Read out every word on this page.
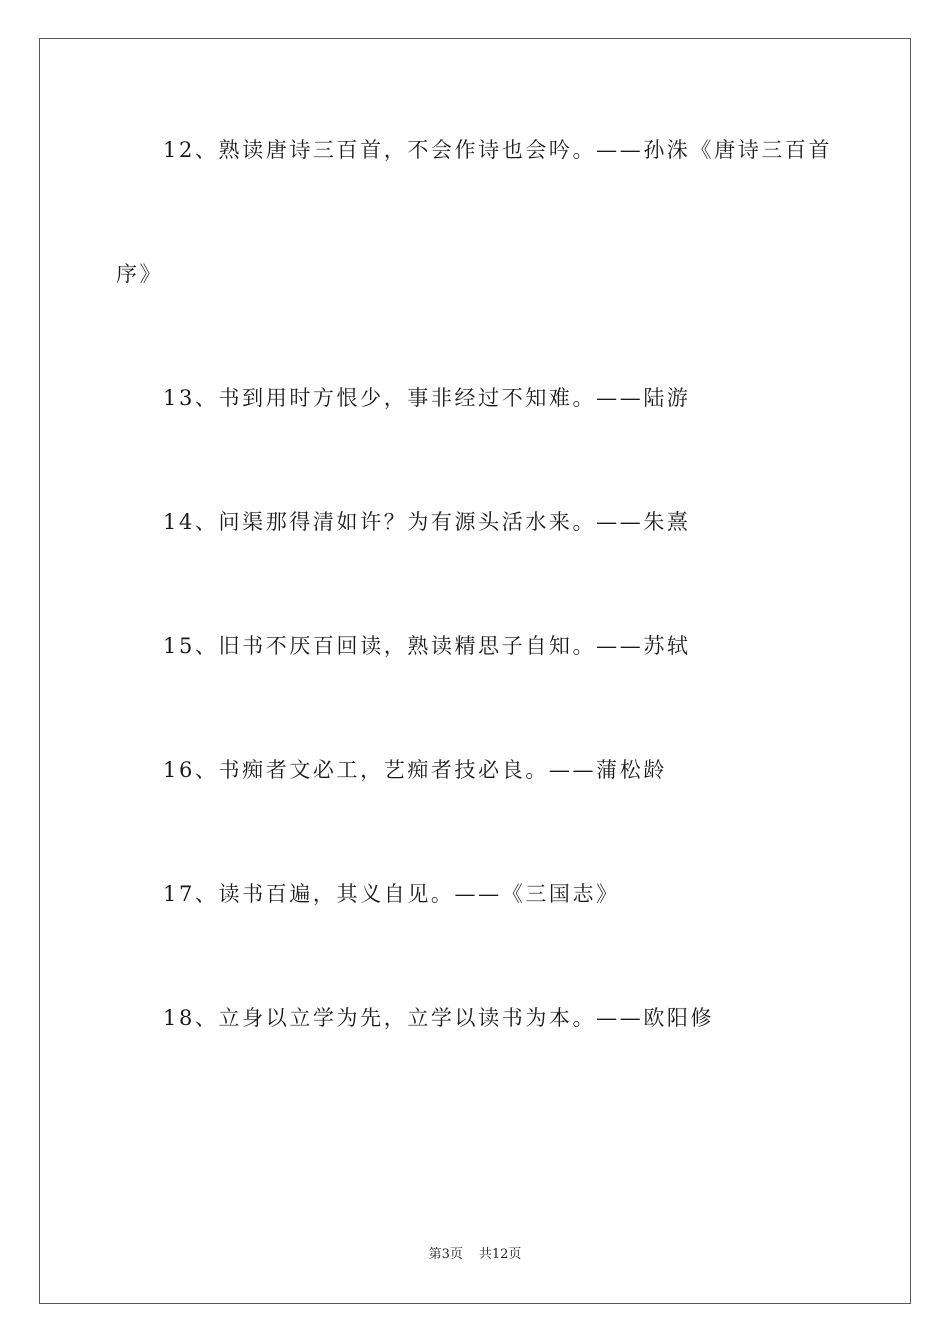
12、熟读唐诗三百首，不会作诗也会吟。——孙洙《唐诗三百首
序》
13、书到用时方恨少，事非经过不知难。——陆游
14、问渠那得清如许？为有源头活水来。——朱熹
15、旧书不厌百回读，熟读精思子自知。——苏轼
16、书痴者文必工，艺痴者技必良。——蒲松龄
17、读书百遍，其义自见。——《三国志》
18、立身以立学为先，立学以读书为本。——欧阳修
第3页 共12页
